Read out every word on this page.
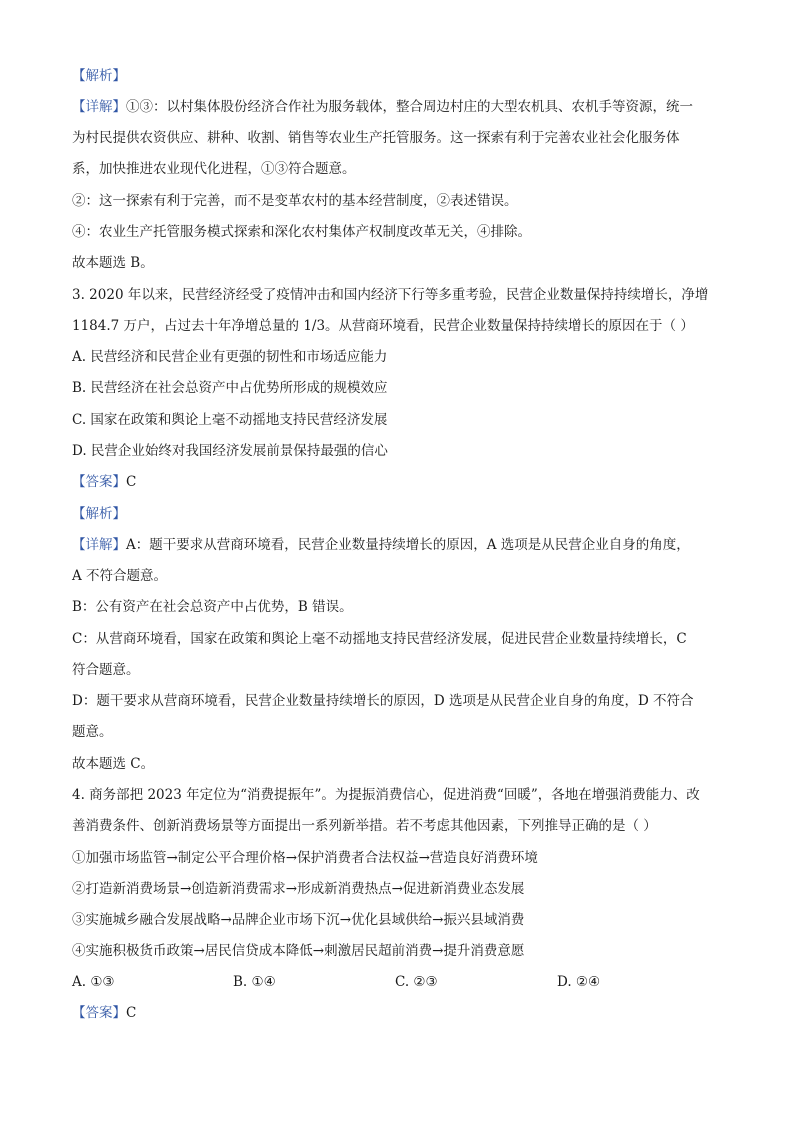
【解析】
【详解】①③：以村集体股份经济合作社为服务载体，整合周边村庄的大型农机具、农机手等资源，统一
为村民提供农资供应、耕种、收割、销售等农业生产托管服务。这一探索有利于完善农业社会化服务体
系，加快推进农业现代化进程，①③符合题意。
②：这一探索有利于完善，而不是变革农村的基本经营制度，②表述错误。
④：农业生产托管服务模式探索和深化农村集体产权制度改革无关，④排除。
故本题选 B。
3. 2020 年以来，民营经济经受了疫情冲击和国内经济下行等多重考验，民营企业数量保持持续增长，净增
1184.7 万户，占过去十年净增总量的 1/3。从营商环境看，民营企业数量保持持续增长的原因在于（ ）
A. 民营经济和民营企业有更强的韧性和市场适应能力
B. 民营经济在社会总资产中占优势所形成的规模效应
C. 国家在政策和舆论上毫不动摇地支持民营经济发展
D. 民营企业始终对我国经济发展前景保持最强的信心
【答案】C
【解析】
【详解】A：题干要求从营商环境看，民营企业数量持续增长的原因，A 选项是从民营企业自身的角度，
A 不符合题意。
B：公有资产在社会总资产中占优势，B 错误。
C：从营商环境看，国家在政策和舆论上毫不动摇地支持民营经济发展，促进民营企业数量持续增长，C
符合题意。
D：题干要求从营商环境看，民营企业数量持续增长的原因，D 选项是从民营企业自身的角度，D 不符合
题意。
故本题选 C。
4. 商务部把 2023 年定位为“消费提振年”。为提振消费信心，促进消费“回暖”，各地在增强消费能力、改
善消费条件、创新消费场景等方面提出一系列新举措。若不考虑其他因素，下列推导正确的是（ ）
①加强市场监管→制定公平合理价格→保护消费者合法权益→营造良好消费环境
②打造新消费场景→创造新消费需求→形成新消费热点→促进新消费业态发展
③实施城乡融合发展战略→品牌企业市场下沉→优化县域供给→振兴县域消费
④实施积极货币政策→居民信贷成本降低→刺激居民超前消费→提升消费意愿
A. ①③	B. ①④	C. ②③	D. ②④
【答案】C
